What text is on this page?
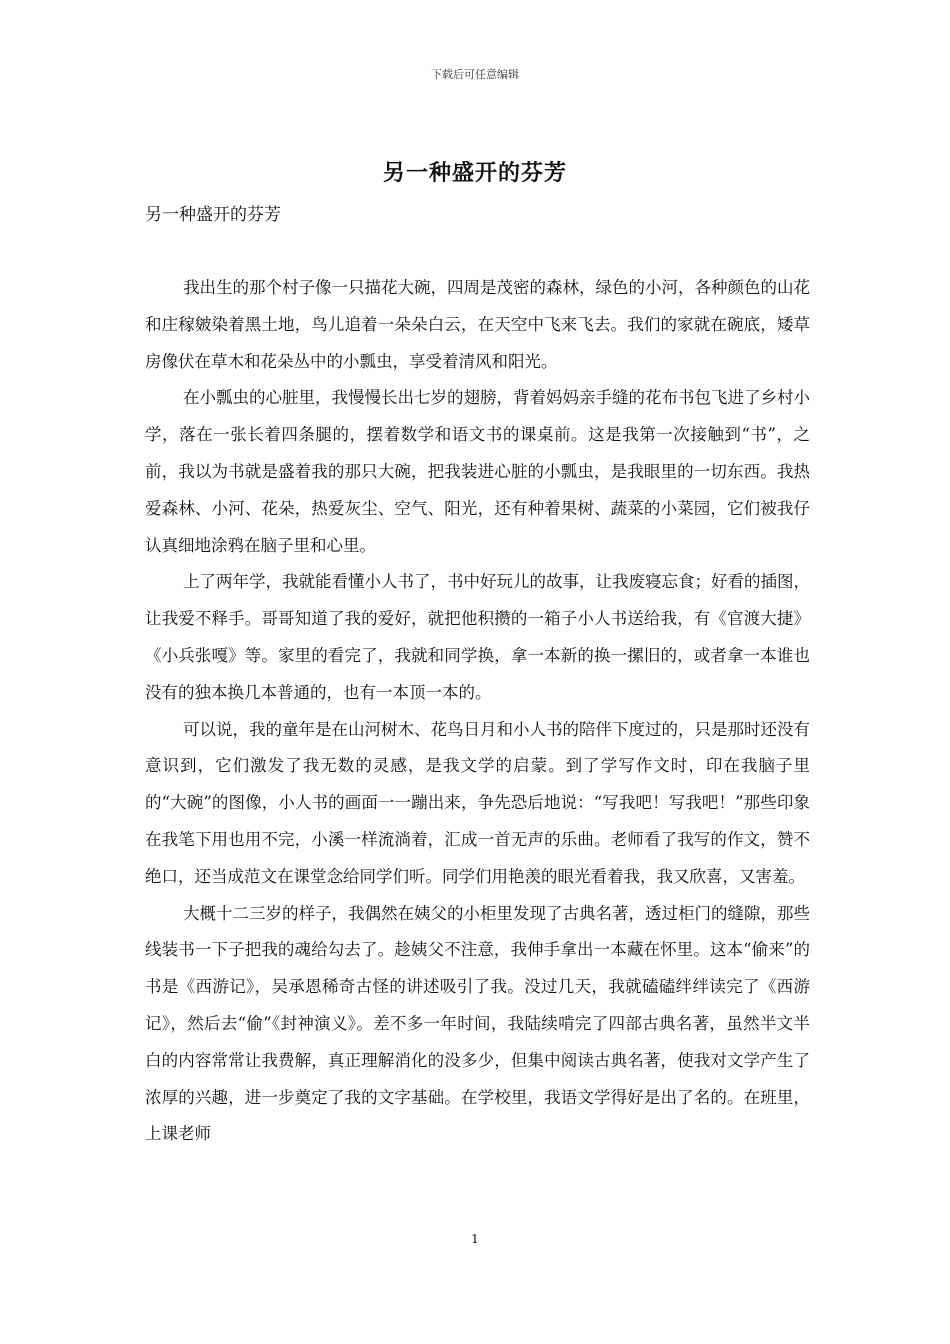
下载后可任意编辑
另一种盛开的芬芳
另一种盛开的芬芳

我出生的那个村子像一只描花大碗，四周是茂密的森林，绿色的小河，各种颜色的山花和庄稼皴染着黑土地，鸟儿追着一朵朵白云，在天空中飞来飞去。我们的家就在碗底，矮草房像伏在草木和花朵丛中的小瓢虫，享受着清风和阳光。

在小瓢虫的心脏里，我慢慢长出七岁的翅膀，背着妈妈亲手缝的花布书包飞进了乡村小学，落在一张长着四条腿的，摆着数学和语文书的课桌前。这是我第一次接触到“书”，之前，我以为书就是盛着我的那只大碗，把我装进心脏的小瓢虫，是我眼里的一切东西。我热爱森林、小河、花朵，热爱灰尘、空气、阳光，还有种着果树、蔬菜的小菜园，它们被我仔认真细地涂鸦在脑子里和心里。

上了两年学，我就能看懂小人书了，书中好玩儿的故事，让我废寝忘食；好看的插图，让我爱不释手。哥哥知道了我的爱好，就把他积攒的一箱子小人书送给我，有《官渡大捷》《小兵张嘎》等。家里的看完了，我就和同学换，拿一本新的换一摞旧的，或者拿一本谁也没有的独本换几本普通的，也有一本顶一本的。

可以说，我的童年是在山河树木、花鸟日月和小人书的陪伴下度过的，只是那时还没有意识到，它们激发了我无数的灵感，是我文学的启蒙。到了学写作文时，印在我脑子里的“大碗”的图像，小人书的画面一一蹦出来，争先恐后地说：“写我吧！写我吧！”那些印象在我笔下用也用不完，小溪一样流淌着，汇成一首无声的乐曲。老师看了我写的作文，赞不绝口，还当成范文在课堂念给同学们听。同学们用艳羡的眼光看着我，我又欣喜，又害羞。

大概十二三岁的样子，我偶然在姨父的小柜里发现了古典名著，透过柜门的缝隙，那些线装书一下子把我的魂给勾去了。趁姨父不注意，我伸手拿出一本藏在怀里。这本“偷来”的书是《西游记》，吴承恩稀奇古怪的讲述吸引了我。没过几天，我就磕磕绊绊读完了《西游记》，然后去“偷”《封神演义》。差不多一年时间，我陆续啃完了四部古典名著，虽然半文半白的内容常常让我费解，真正理解消化的没多少，但集中阅读古典名著，使我对文学产生了浓厚的兴趣，进一步奠定了我的文字基础。在学校里，我语文学得好是出了名的。在班里，上课老师

1
